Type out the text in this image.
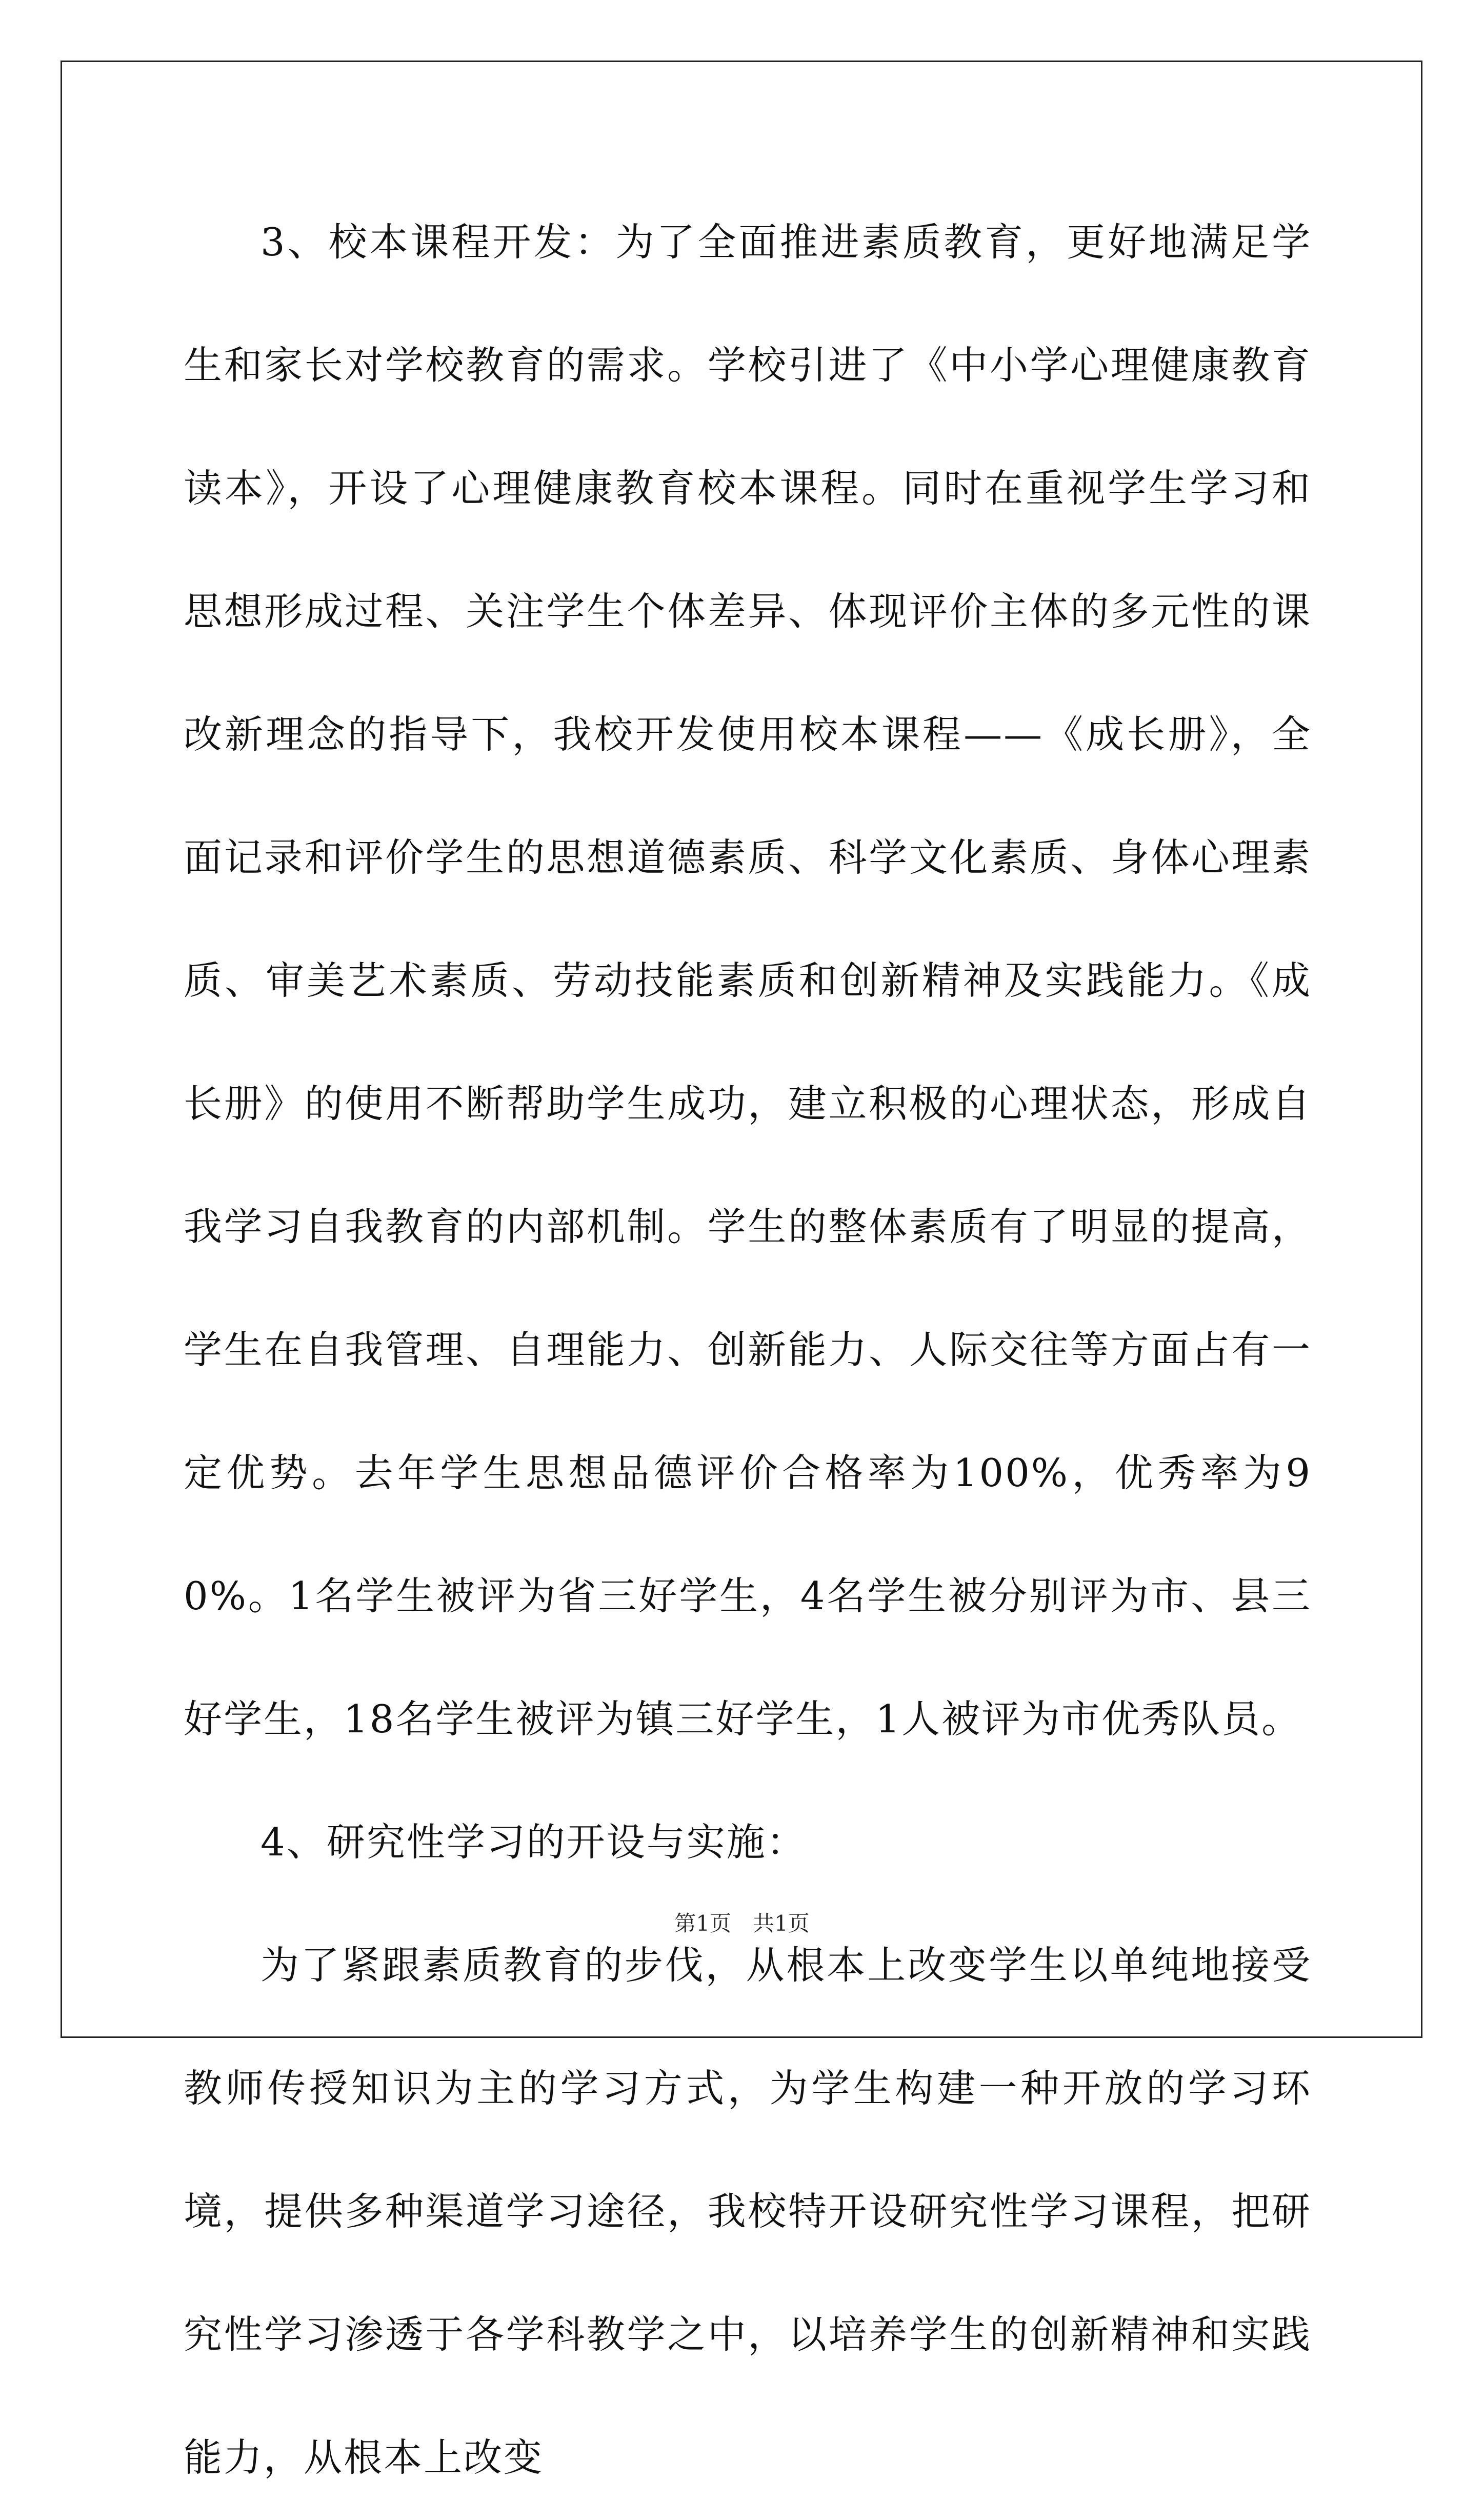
3、校本课程开发：为了全面推进素质教育，更好地满足学生和家长对学校教育的需求。学校引进了《中小学心理健康教育读本》，开设了心理健康教育校本课程。同时在重视学生学习和思想形成过程、关注学生个体差异、体现评价主体的多元性的课改新理念的指导下，我校开发使用校本课程——《成长册》，全面记录和评价学生的思想道德素质、科学文化素质、身体心理素质、审美艺术素质、劳动技能素质和创新精神及实践能力。《成长册》的使用不断帮助学生成功，建立积极的心理状态，形成自我学习自我教育的内部机制。学生的整体素质有了明显的提高，学生在自我管理、自理能力、创新能力、人际交往等方面占有一定优势。去年学生思想品德评价合格率为100%，优秀率为90%。1名学生被评为省三好学生，4名学生被分别评为市、县三好学生，18名学生被评为镇三好学生，1人被评为市优秀队员。

4、研究性学习的开设与实施：

为了紧跟素质教育的步伐，从根本上改变学生以单纯地接受教师传授知识为主的学习方式，为学生构建一种开放的学习环境，提供多种渠道学习途径，我校特开设研究性学习课程，把研究性学习渗透于各学科教学之中，以培养学生的创新精神和实践能力，从根本上改变

第1页　共1页
